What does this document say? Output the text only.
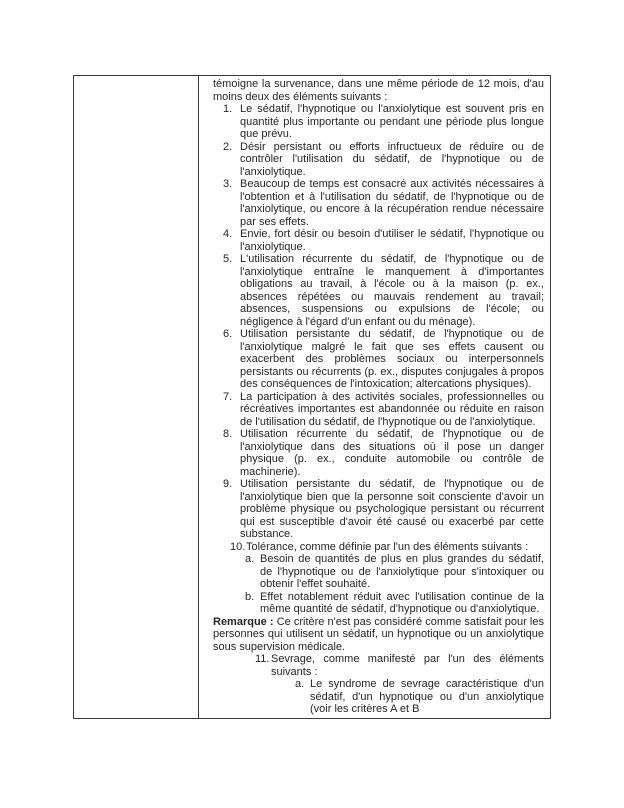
témoigne la survenance, dans une même période de 12 mois, d'au moins deux des éléments suivants :
1. Le sédatif, l'hypnotique ou l'anxiolytique est souvent pris en quantité plus importante ou pendant une période plus longue que prévu.
2. Désir persistant ou efforts infructueux de réduire ou de contrôler l'utilisation du sédatif, de l'hypnotique ou de l'anxiolytique.
3. Beaucoup de temps est consacré aux activités nécessaires à l'obtention et à l'utilisation du sédatif, de l'hypnotique ou de l'anxiolytique, ou encore à la récupération rendue nécessaire par ses effets.
4. Envie, fort désir ou besoin d'utiliser le sédatif, l'hypnotique ou l'anxiolytique.
5. L'utilisation récurrente du sédatif, de l'hypnotique ou de l'anxiolytique entraîne le manquement à d'importantes obligations au travail, à l'école ou à la maison (p. ex., absences répétées ou mauvais rendement au travail; absences, suspensions ou expulsions de l'école; ou négligence à l'égard d'un enfant ou du ménage).
6. Utilisation persistante du sédatif, de l'hypnotique ou de l'anxiolytique malgré le fait que ses effets causent ou exacerbent des problèmes sociaux ou interpersonnels persistants ou récurrents (p. ex., disputes conjugales à propos des conséquences de l'intoxication; altercations physiques).
7. La participation à des activités sociales, professionnelles ou récréatives importantes est abandonnée ou réduite en raison de l'utilisation du sédatif, de l'hypnotique ou de l'anxiolytique.
8. Utilisation récurrente du sédatif, de l'hypnotique ou de l'anxiolytique dans des situations où il pose un danger physique (p. ex., conduite automobile ou contrôle de machinerie).
9. Utilisation persistante du sédatif, de l'hypnotique ou de l'anxiolytique bien que la personne soit consciente d'avoir un problème physique ou psychologique persistant ou récurrent qui est susceptible d'avoir été causé ou exacerbé par cette substance.
10.Tolérance, comme définie par l'un des éléments suivants :
a. Besoin de quantités de plus en plus grandes du sédatif, de l'hypnotique ou de l'anxiolytique pour s'intoxiquer ou obtenir l'effet souhaité.
b. Effet notablement réduit avec l'utilisation continue de la même quantité de sédatif, d'hypnotique ou d'anxiolytique.
Remarque : Ce critère n'est pas considéré comme satisfait pour les personnes qui utilisent un sédatif, un hypnotique ou un anxiolytique sous supervision médicale.
11. Sevrage, comme manifesté par l'un des éléments suivants :
a. Le syndrome de sevrage caractéristique d'un sédatif, d'un hypnotique ou d'un anxiolytique (voir les critères A et B
